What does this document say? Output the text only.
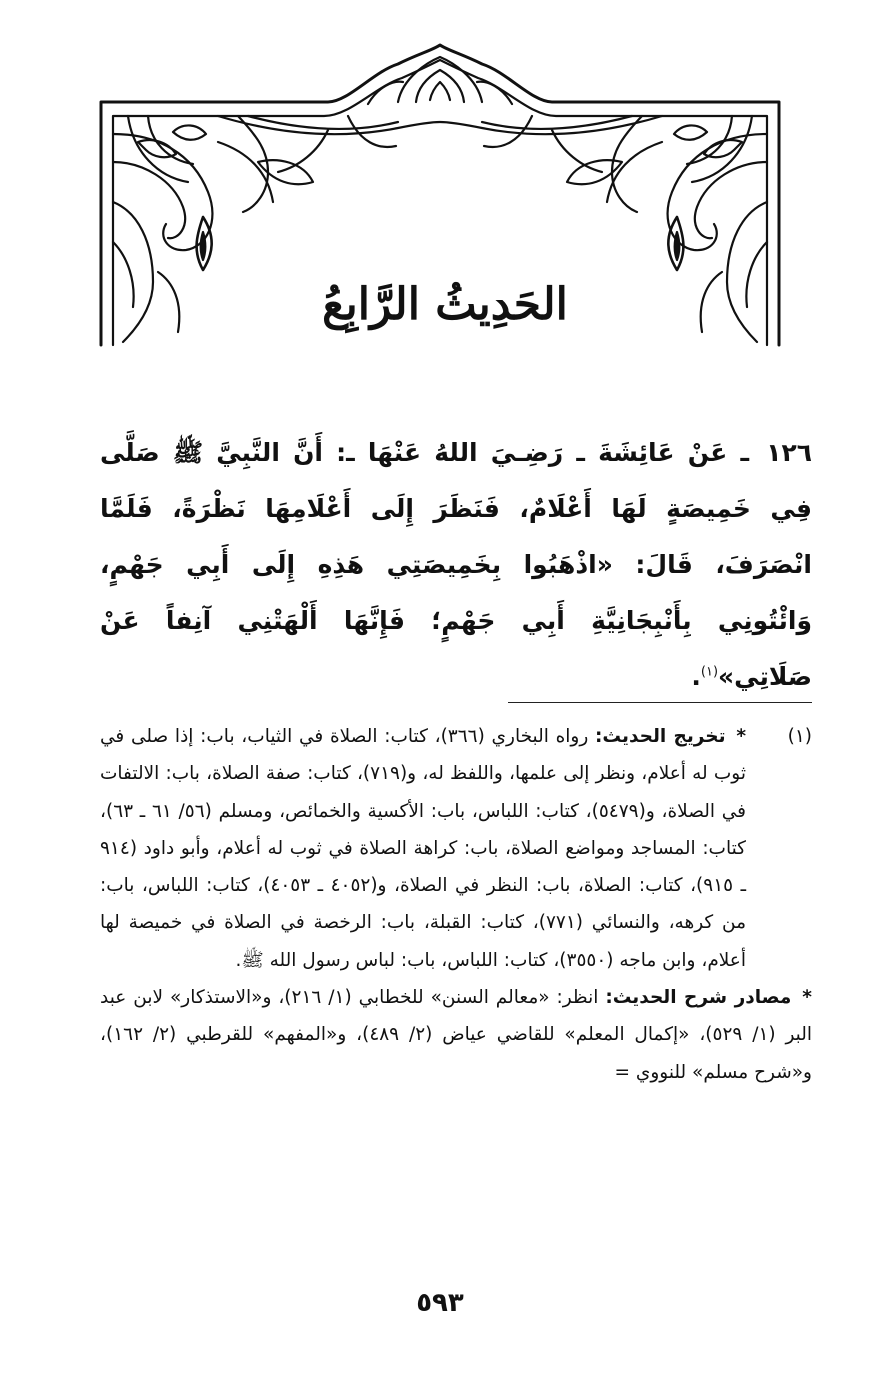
الحَدِيثُ الرَّابِعُ
١٢٦ ـ عَنْ عَائِشَةَ ـ رَضِـيَ اللهُ عَنْهَا ـ: أَنَّ النَّبِيَّ ﷺ صَلَّى فِي خَمِيصَةٍ لَهَا أَعْلَامٌ، فَنَظَرَ إِلَى أَعْلَامِهَا نَظْرَةً، فَلَمَّا انْصَرَفَ، قَالَ: «اذْهَبُوا بِخَمِيصَتِي هَذِهِ إِلَى أَبِي جَهْمٍ، وَائْتُونِي بِأَنْبِجَانِيَّةِ أَبِي جَهْمٍ؛ فَإِنَّهَا أَلْهَتْنِي آنِفاً عَنْ صَلَاتِي»$^{(١)}$.
(١)

* تخريج الحديث: رواه البخاري (٣٦٦)، كتاب: الصلاة في الثياب، باب: إذا صلى في ثوب له أعلام، ونظر إلى علمها، واللفظ له، و(٧١٩)، كتاب: صفة الصلاة، باب: الالتفات في الصلاة، و(٥٤٧٩)، كتاب: اللباس، باب: الأكسية والخمائص، ومسلم (٥٦/ ٦١ ـ ٦٣)، كتاب: المساجد ومواضع الصلاة، باب: كراهة الصلاة في ثوب له أعلام، وأبو داود (٩١٤ ـ ٩١٥)، كتاب: الصلاة، باب: النظر في الصلاة، و(٤٠٥٢ ـ ٤٠٥٣)، كتاب: اللباس، باب: من كرهه، والنسائي (٧٧١)، كتاب: القبلة، باب: الرخصة في الصلاة في خميصة لها أعلام، وابن ماجه (٣٥٥٠)، كتاب: اللباس، باب: لباس رسول الله ﷺ.

* مصادر شرح الحديث: انظر: «معالم السنن» للخطابي (١/ ٢١٦)، و«الاستذكار» لابن عبد البر (١/ ٥٢٩)، «إكمال المعلم» للقاضي عياض (٢/ ٤٨٩)، و«المفهم» للقرطبي (٢/ ١٦٢)، و«شرح مسلم» للنووي =

٥٩٣
